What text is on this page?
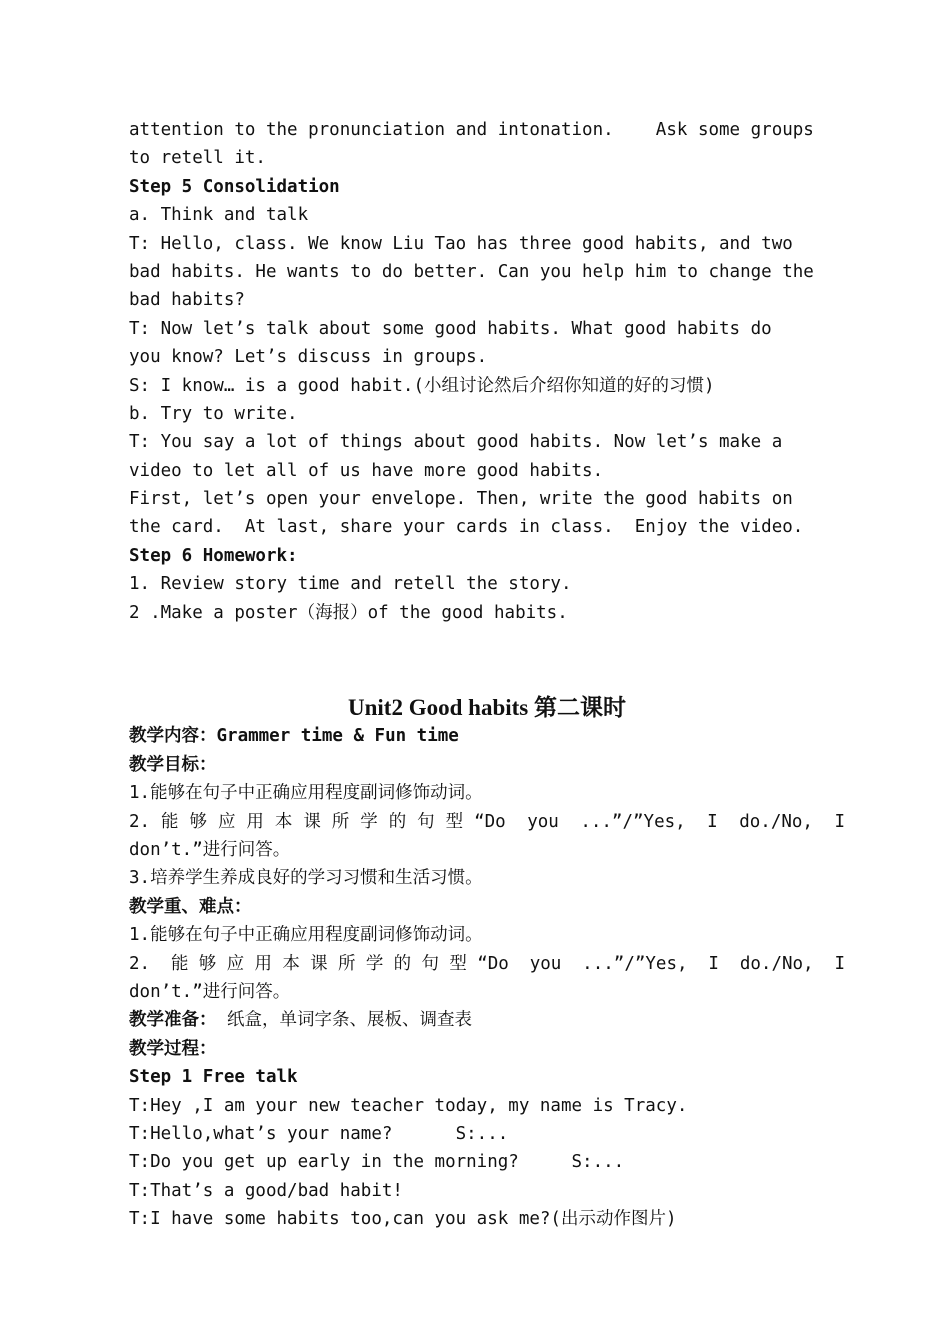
attention to the pronunciation and intonation.    Ask some groups
to retell it.
Step 5 Consolidation
a. Think and talk
T: Hello, class. We know Liu Tao has three good habits, and two
bad habits. He wants to do better. Can you help him to change the
bad habits?
T: Now let’s talk about some good habits. What good habits do
you know? Let’s discuss in groups.
S: I know… is a good habit.(小组讨论然后介绍你知道的好的习惯)
b. Try to write.
T: You say a lot of things about good habits. Now let’s make a
video to let all of us have more good habits.
First, let’s open your envelope. Then, write the good habits on
the card.  At last, share your cards in class.  Enjoy the video.
Step 6 Homework:
1. Review story time and retell the story.
2 .Make a poster（海报）of the good habits.
Unit2 Good habits 第二课时
教学内容：Grammer time & Fun time
教学目标：
1.能够在句子中正确应用程度副词修饰动词。
2.能够应用本课所学的句型“Do you ...”/”Yes, I do./No, I
don’t.”进行问答。
3.培养学生养成良好的学习习惯和生活习惯。
教学重、难点：
1.能够在句子中正确应用程度副词修饰动词。
2. 能够应用本课所学的句型“Do you ...”/”Yes, I do./No, I
don’t.”进行问答。
教学准备： 纸盒，单词字条、展板、调查表
教学过程：
Step 1 Free talk
T:Hey ,I am your new teacher today, my name is Tracy.
T:Hello,what’s your name?      S:...
T:Do you get up early in the morning?     S:...
T:That’s a good/bad habit!
T:I have some habits too,can you ask me?(出示动作图片)
